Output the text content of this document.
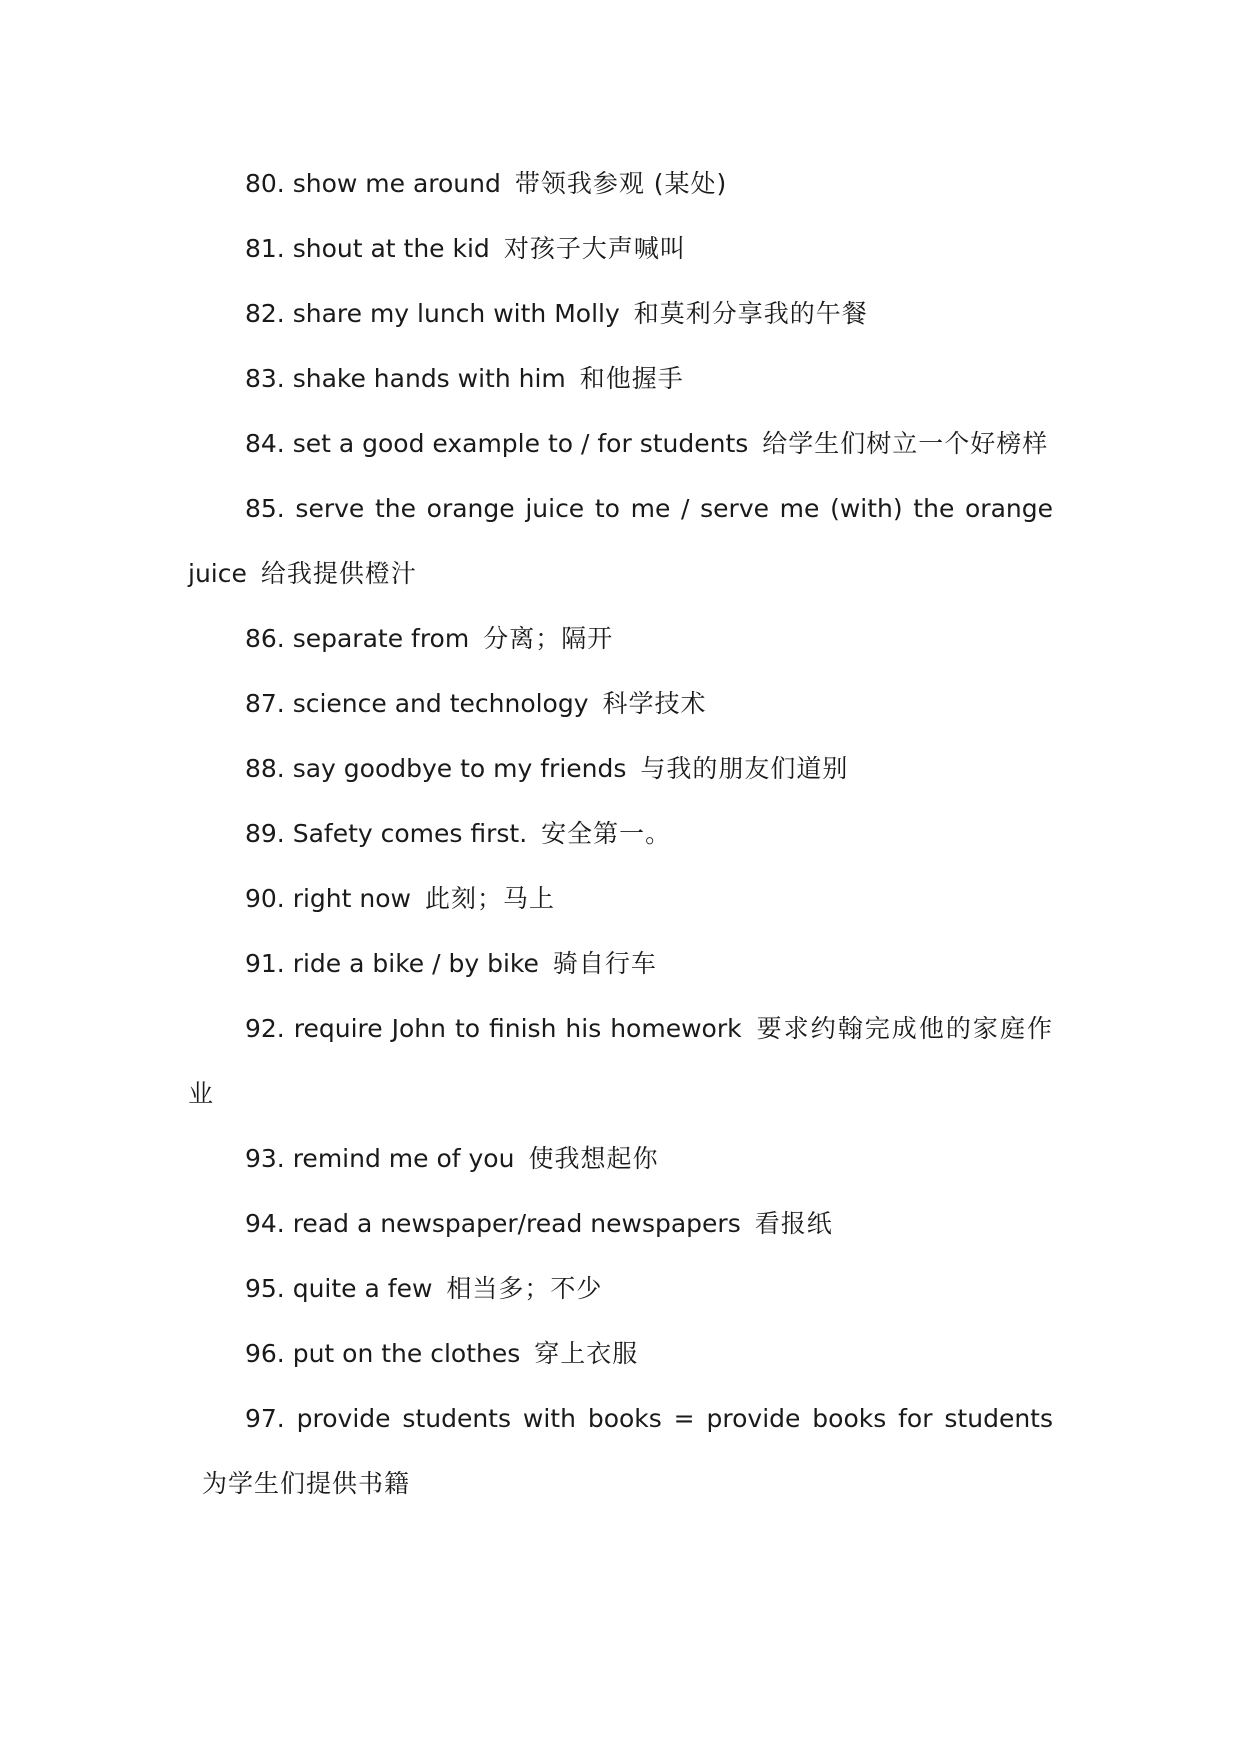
80. show me around 带领我参观 (某处)

81. shout at the kid 对孩子大声喊叫

82. share my lunch with Molly 和莫利分享我的午餐

83. shake hands with him 和他握手

84. set a good example to / for students 给学生们树立一个好榜样

85. serve the orange juice to me / serve me (with) the orange juice 给我提供橙汁

86. separate from 分离；隔开

87. science and technology 科学技术

88. say goodbye to my friends 与我的朋友们道别

89. Safety comes first. 安全第一。

90. right now 此刻；马上

91. ride a bike / by bike 骑自行车

92. require John to finish his homework 要求约翰完成他的家庭作业

93. remind me of you 使我想起你

94. read a newspaper/read newspapers 看报纸

95. quite a few 相当多；不少

96. put on the clothes 穿上衣服

97. provide students with books = provide books for students为学生们提供书籍
